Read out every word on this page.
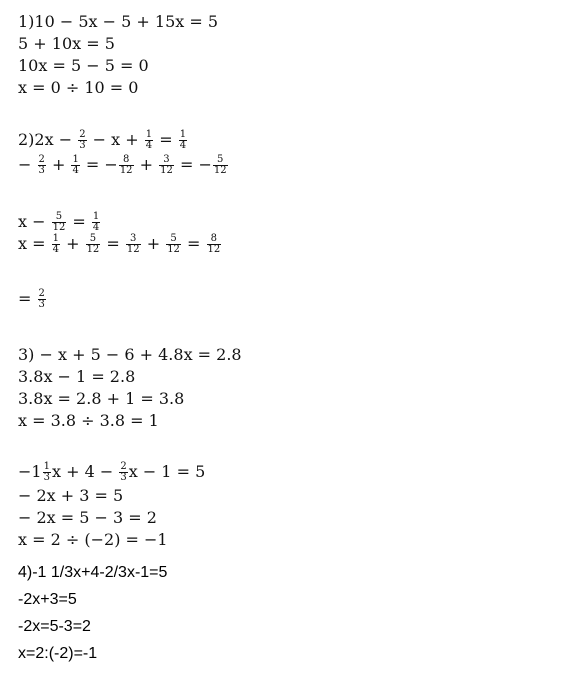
1)10 − 5x − 5 + 15x = 5
5 + 10x = 5
10x = 5 − 5 = 0
x = 0 ÷ 10 = 0
$2)2x - \frac{2}{3} - x + \frac{1}{4} = \frac{1}{4}$
− $\frac{2}{3} + \frac{1}{4}$ = − $\frac{8}{12} + \frac{3}{12}$ = − $\frac{5}{12}$
$x - \frac{5}{12} = \frac{1}{4}$
$x = \frac{1}{4} + \frac{5}{12} = \frac{3}{12} + \frac{5}{12} = \frac{8}{12}$
= $\frac{2}{3}$
3) − x + 5 − 6 + 4.8x = 2.8
3.8x − 1 = 2.8
3.8x = 2.8 + 1 = 3.8
x = 3.8 ÷ 3.8 = 1
$-1 \frac{1}{3}$ $x + 4 - \frac{2}{3}$ x − 1 = 5
− 2x + 3 = 5
− 2x = 5 − 3 = 2
x = 2 ÷ (−2) = −1
4)-1 1/3x+4-2/3x-1=5
-2x+3=5
-2x=5-3=2
x=2:(-2)=-1
